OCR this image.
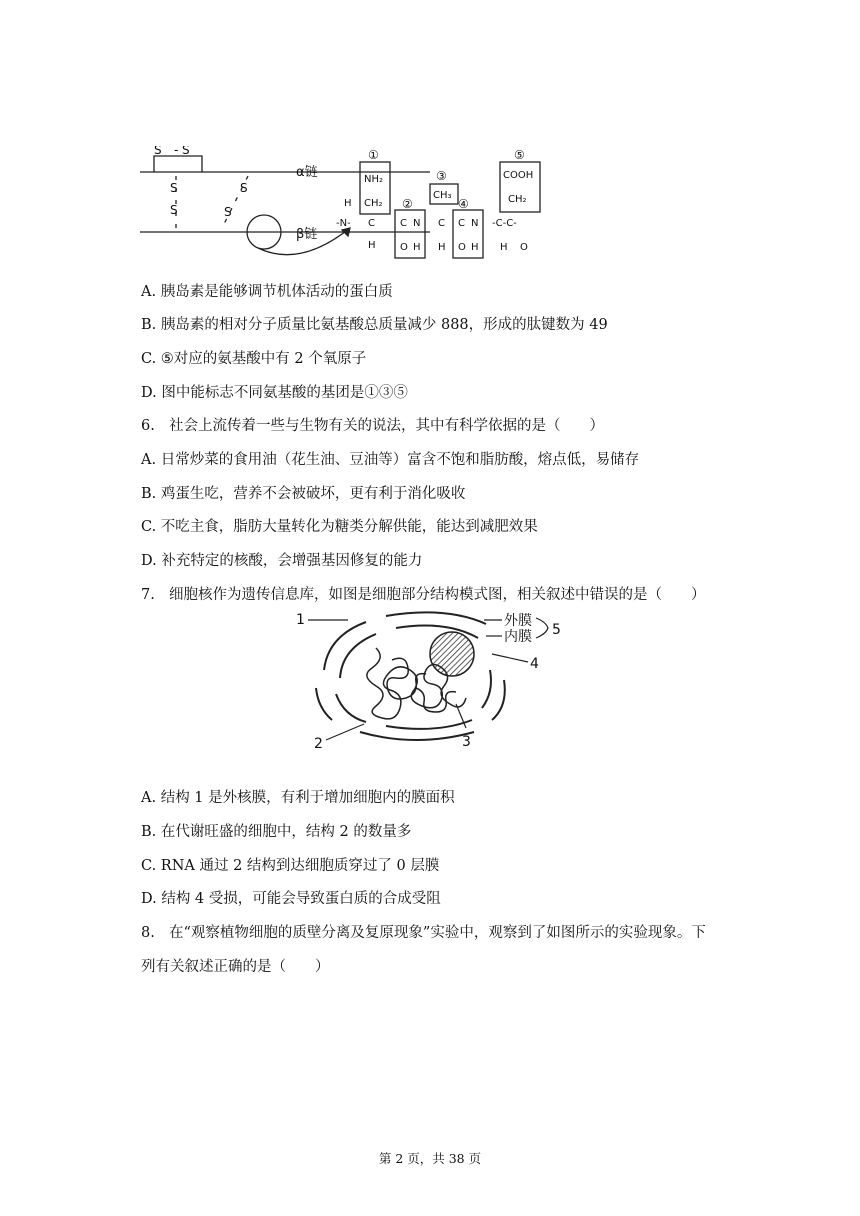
S - S
S
S
S
S
α链
β链
①
②
③
④
⑤
NH₂
CH₂
CH₃
COOH
CH₂
H
-N- C
H
C N
O H
C
H
C N
O H
-C-C-
H O
A. 胰岛素是能够调节机体活动的蛋白质
B. 胰岛素的相对分子质量比氨基酸总质量减少 888，形成的肽键数为 49
C. ⑤对应的氨基酸中有 2 个氧原子
D. 图中能标志不同氨基酸的基团是①③⑤
6. 社会上流传着一些与生物有关的说法，其中有科学依据的是（　　）
A. 日常炒菜的食用油（花生油、豆油等）富含不饱和脂肪酸，熔点低，易储存
B. 鸡蛋生吃，营养不会被破坏，更有利于消化吸收
C. 不吃主食，脂肪大量转化为糖类分解供能，能达到减肥效果
D. 补充特定的核酸，会增强基因修复的能力
7. 细胞核作为遗传信息库，如图是细胞部分结构模式图，相关叙述中错误的是（　　）
1
2	3
4
5
外膜
内膜
A. 结构 1 是外核膜，有利于增加细胞内的膜面积
B. 在代谢旺盛的细胞中，结构 2 的数量多
C. RNA 通过 2 结构到达细胞质穿过了 0 层膜
D. 结构 4 受损，可能会导致蛋白质的合成受阻
8. 在“观察植物细胞的质壁分离及复原现象”实验中，观察到了如图所示的实验现象。下
列有关叙述正确的是（　　）
第 2 页，共 38 页
